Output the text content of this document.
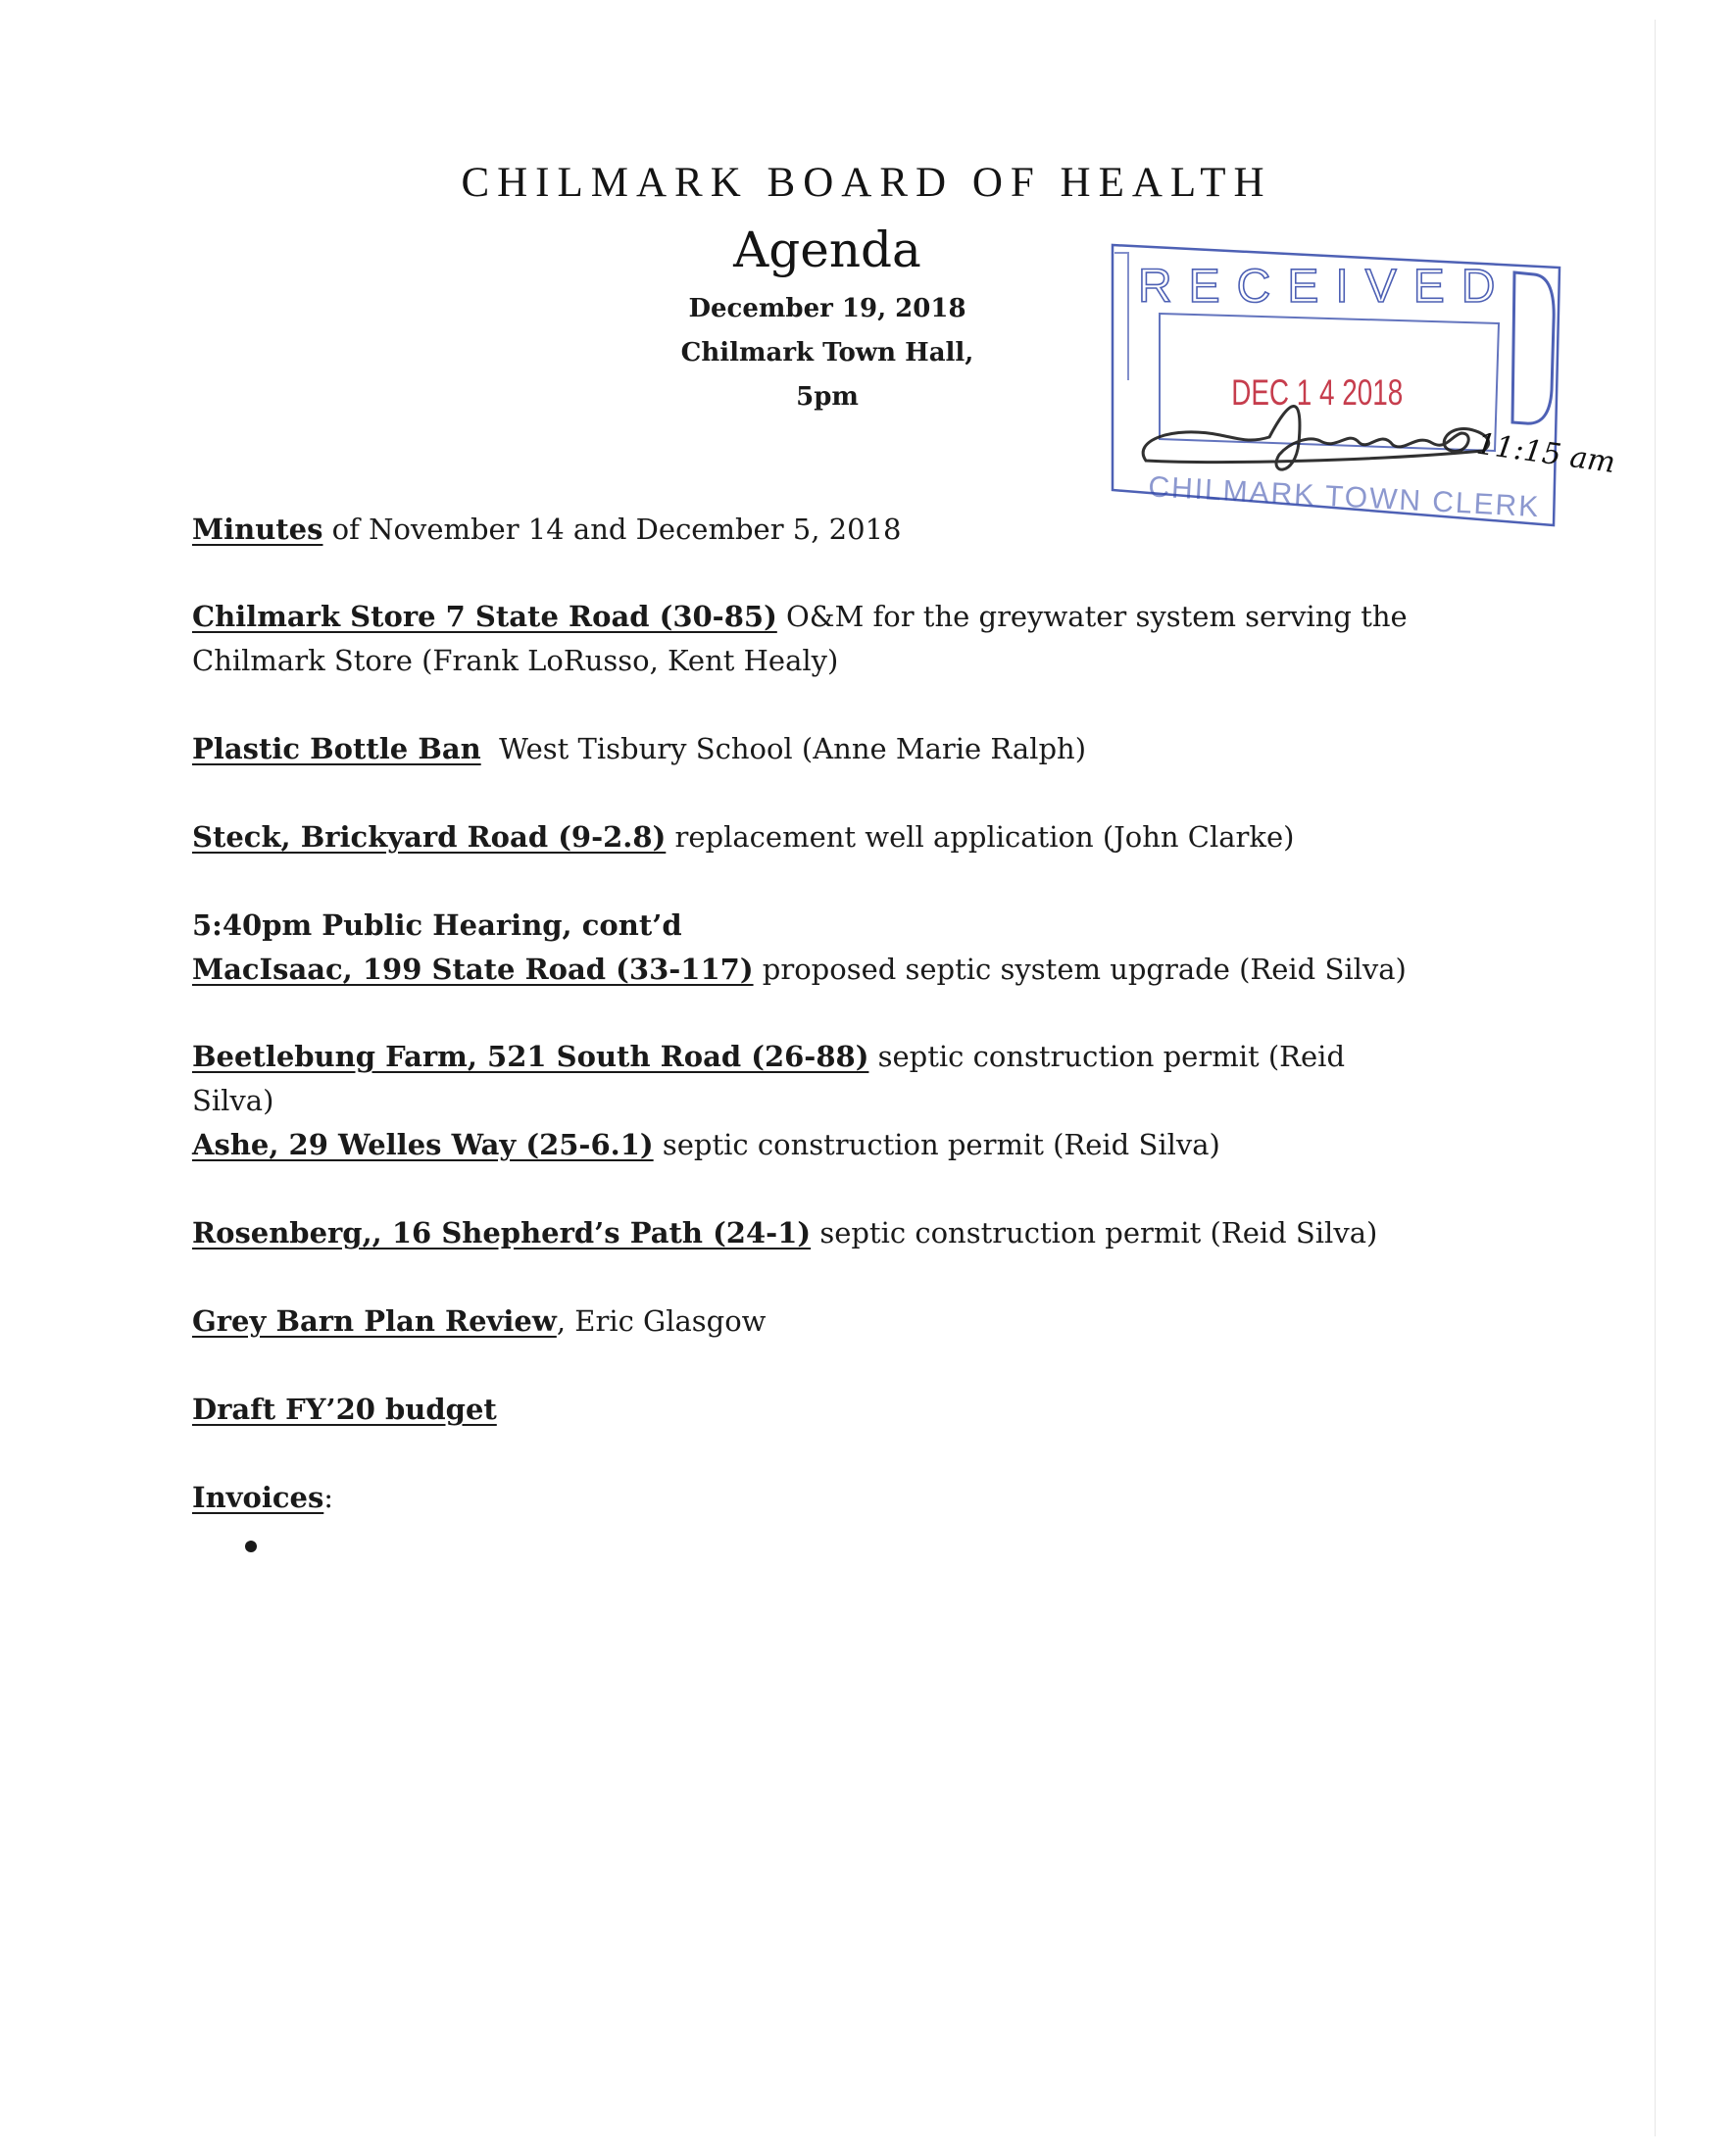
CHILMARK BOARD OF HEALTH
Agenda
December 19, 2018
Chilmark Town Hall,
5pm
RECEIVED
DEC 1 4 2018
CHILMARK TOWN CLERK
11:15 am
Minutes of November 14 and December 5, 2018
Chilmark Store 7 State Road (30-85) O&M for the greywater system serving the Chilmark Store (Frank LoRusso, Kent Healy)
Plastic Bottle Ban  West Tisbury School (Anne Marie Ralph)
Steck, Brickyard Road (9-2.8) replacement well application (John Clarke)
5:40pm Public Hearing, cont’d
MacIsaac, 199 State Road (33-117) proposed septic system upgrade (Reid Silva)
Beetlebung Farm, 521 South Road (26-88) septic construction permit (Reid Silva)
Ashe, 29 Welles Way (25-6.1) septic construction permit (Reid Silva)
Rosenberg,, 16 Shepherd’s Path (24-1) septic construction permit (Reid Silva)
Grey Barn Plan Review, Eric Glasgow
Draft FY’20 budget
Invoices:
